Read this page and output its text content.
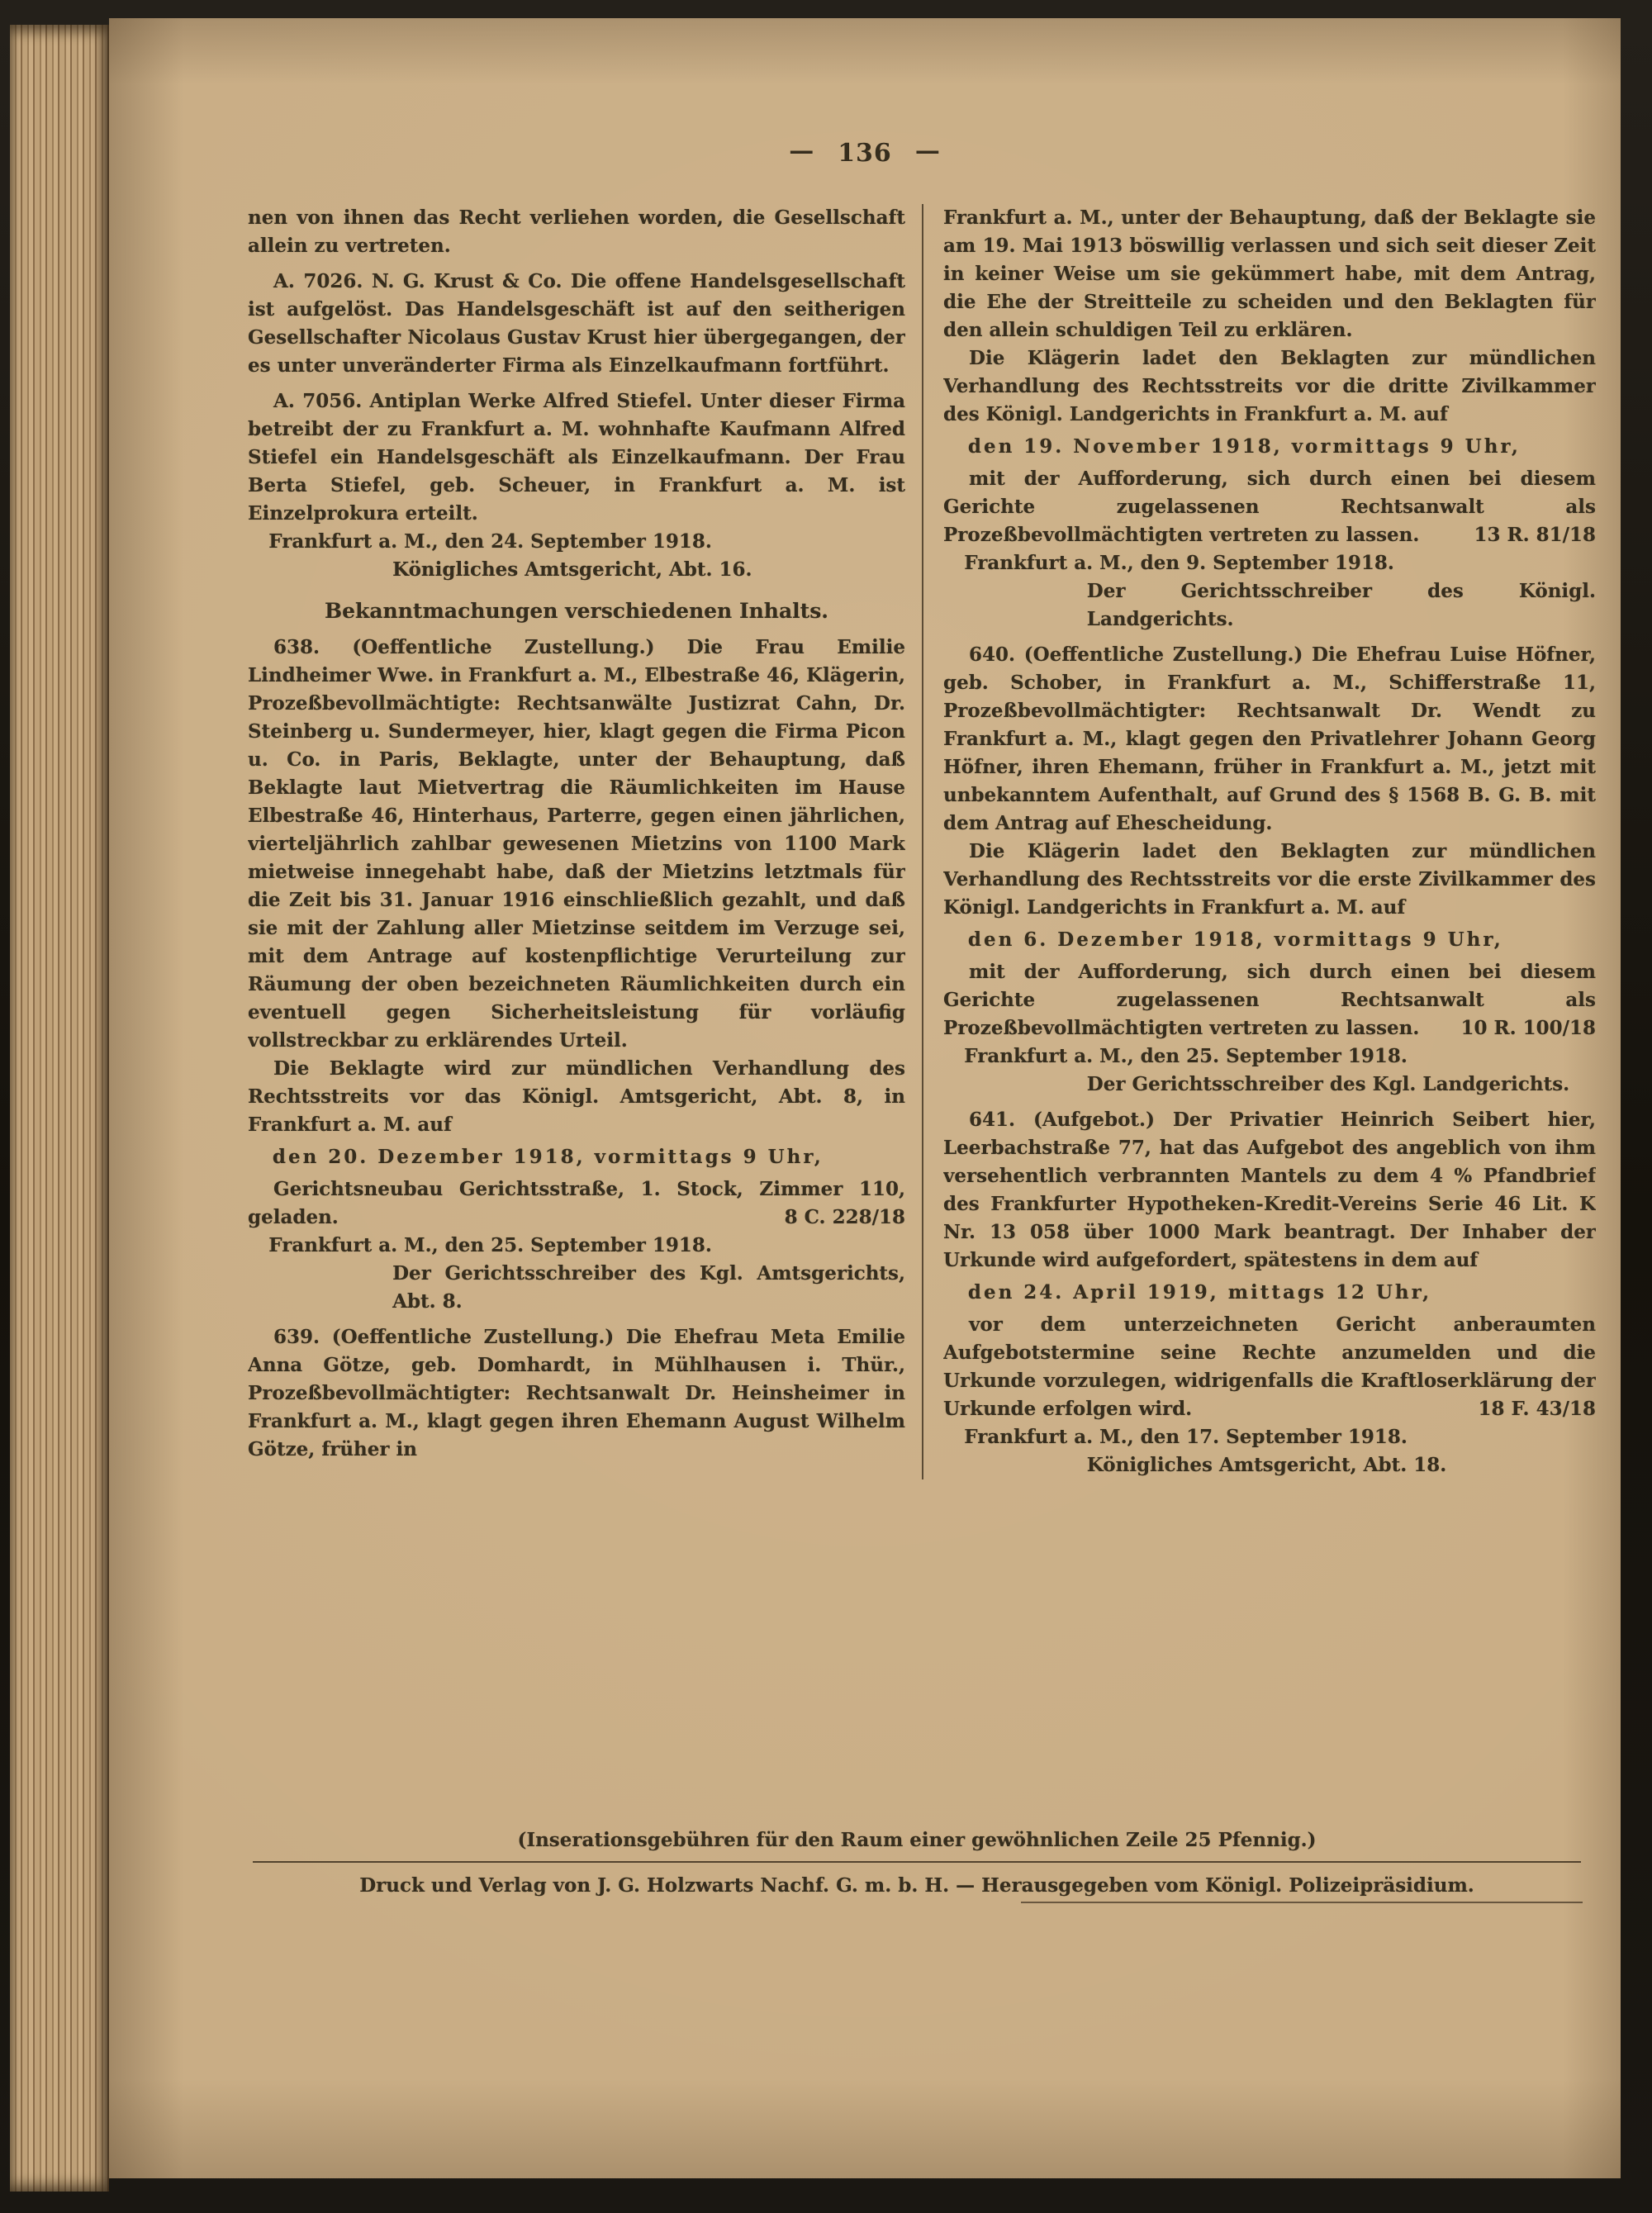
— 136 —

nen von ihnen das Recht verliehen worden, die Gesellschaft allein zu vertreten.

A. 7026. N. G. Krust & Co. Die offene Handelsgesellschaft ist aufgelöst. Das Handelsgeschäft ist auf den seitherigen Gesellschafter Nicolaus Gustav Krust hier übergegangen, der es unter unveränderter Firma als Einzelkaufmann fortführt.

A. 7056. Antiplan Werke Alfred Stiefel. Unter dieser Firma betreibt der zu Frankfurt a. M. wohnhafte Kaufmann Alfred Stiefel ein Handelsgeschäft als Einzelkaufmann. Der Frau Berta Stiefel, geb. Scheuer, in Frankfurt a. M. ist Einzelprokura erteilt.

Frankfurt a. M., den 24. September 1918.

Königliches Amtsgericht, Abt. 16.

Bekanntmachungen verschiedenen Inhalts.

638. (Oeffentliche Zustellung.) Die Frau Emilie Lindheimer Wwe. in Frankfurt a. M., Elbestraße 46, Klägerin, Prozeßbevollmächtigte: Rechtsanwälte Justizrat Cahn, Dr. Steinberg u. Sundermeyer, hier, klagt gegen die Firma Picon u. Co. in Paris, Beklagte, unter der Behauptung, daß Beklagte laut Mietvertrag die Räumlichkeiten im Hause Elbestraße 46, Hinterhaus, Parterre, gegen einen jährlichen, vierteljährlich zahlbar gewesenen Mietzins von 1100 Mark mietweise innegehabt habe, daß der Mietzins letztmals für die Zeit bis 31. Januar 1916 einschließlich gezahlt, und daß sie mit der Zahlung aller Mietzinse seitdem im Verzuge sei, mit dem Antrage auf kostenpflichtige Verurteilung zur Räumung der oben bezeichneten Räumlichkeiten durch ein eventuell gegen Sicherheitsleistung für vorläufig vollstreckbar zu erklärendes Urteil.

Die Beklagte wird zur mündlichen Verhandlung des Rechtsstreits vor das Königl. Amtsgericht, Abt. 8, in Frankfurt a. M. auf

den 20. Dezember 1918, vormittags 9 Uhr,

Gerichtsneubau Gerichtsstraße, 1. Stock, Zimmer 110, geladen.	8 C. 228/18

Frankfurt a. M., den 25. September 1918.

Der Gerichtsschreiber des Kgl. Amtsgerichts, Abt. 8.

639. (Oeffentliche Zustellung.) Die Ehefrau Meta Emilie Anna Götze, geb. Domhardt, in Mühlhausen i. Thür., Prozeßbevollmächtigter: Rechtsanwalt Dr. Heinsheimer in Frankfurt a. M., klagt gegen ihren Ehemann August Wilhelm Götze, früher in

Frankfurt a. M., unter der Behauptung, daß der Beklagte sie am 19. Mai 1913 böswillig verlassen und sich seit dieser Zeit in keiner Weise um sie gekümmert habe, mit dem Antrag, die Ehe der Streitteile zu scheiden und den Beklagten für den allein schuldigen Teil zu erklären.

Die Klägerin ladet den Beklagten zur mündlichen Verhandlung des Rechtsstreits vor die dritte Zivilkammer des Königl. Landgerichts in Frankfurt a. M. auf

den 19. November 1918, vormittags 9 Uhr,

mit der Aufforderung, sich durch einen bei diesem Gerichte zugelassenen Rechtsanwalt als Prozeßbevollmächtigten vertreten zu lassen.	13 R. 81/18

Frankfurt a. M., den 9. September 1918.

Der Gerichtsschreiber des Königl. Landgerichts.

640. (Oeffentliche Zustellung.) Die Ehefrau Luise Höfner, geb. Schober, in Frankfurt a. M., Schifferstraße 11, Prozeßbevollmächtigter: Rechtsanwalt Dr. Wendt zu Frankfurt a. M., klagt gegen den Privatlehrer Johann Georg Höfner, ihren Ehemann, früher in Frankfurt a. M., jetzt mit unbekanntem Aufenthalt, auf Grund des § 1568 B. G. B. mit dem Antrag auf Ehescheidung.

Die Klägerin ladet den Beklagten zur mündlichen Verhandlung des Rechtsstreits vor die erste Zivilkammer des Königl. Landgerichts in Frankfurt a. M. auf

den 6. Dezember 1918, vormittags 9 Uhr,

mit der Aufforderung, sich durch einen bei diesem Gerichte zugelassenen Rechtsanwalt als Prozeßbevollmächtigten vertreten zu lassen.	10 R. 100/18

Frankfurt a. M., den 25. September 1918.

Der Gerichtsschreiber des Kgl. Landgerichts.

641. (Aufgebot.) Der Privatier Heinrich Seibert hier, Leerbachstraße 77, hat das Aufgebot des angeblich von ihm versehentlich verbrannten Mantels zu dem 4 % Pfandbrief des Frankfurter Hypotheken-Kredit-Vereins Serie 46 Lit. K Nr. 13 058 über 1000 Mark beantragt. Der Inhaber der Urkunde wird aufgefordert, spätestens in dem auf

den 24. April 1919, mittags 12 Uhr,

vor dem unterzeichneten Gericht anberaumten Aufgebotstermine seine Rechte anzumelden und die Urkunde vorzulegen, widrigenfalls die Kraftloserklärung der Urkunde erfolgen wird.	18 F. 43/18

Frankfurt a. M., den 17. September 1918.

Königliches Amtsgericht, Abt. 18.

(Inserationsgebühren für den Raum einer gewöhnlichen Zeile 25 Pfennig.)

Druck und Verlag von J. G. Holzwarts Nachf. G. m. b. H. — Herausgegeben vom Königl. Polizeipräsidium.
